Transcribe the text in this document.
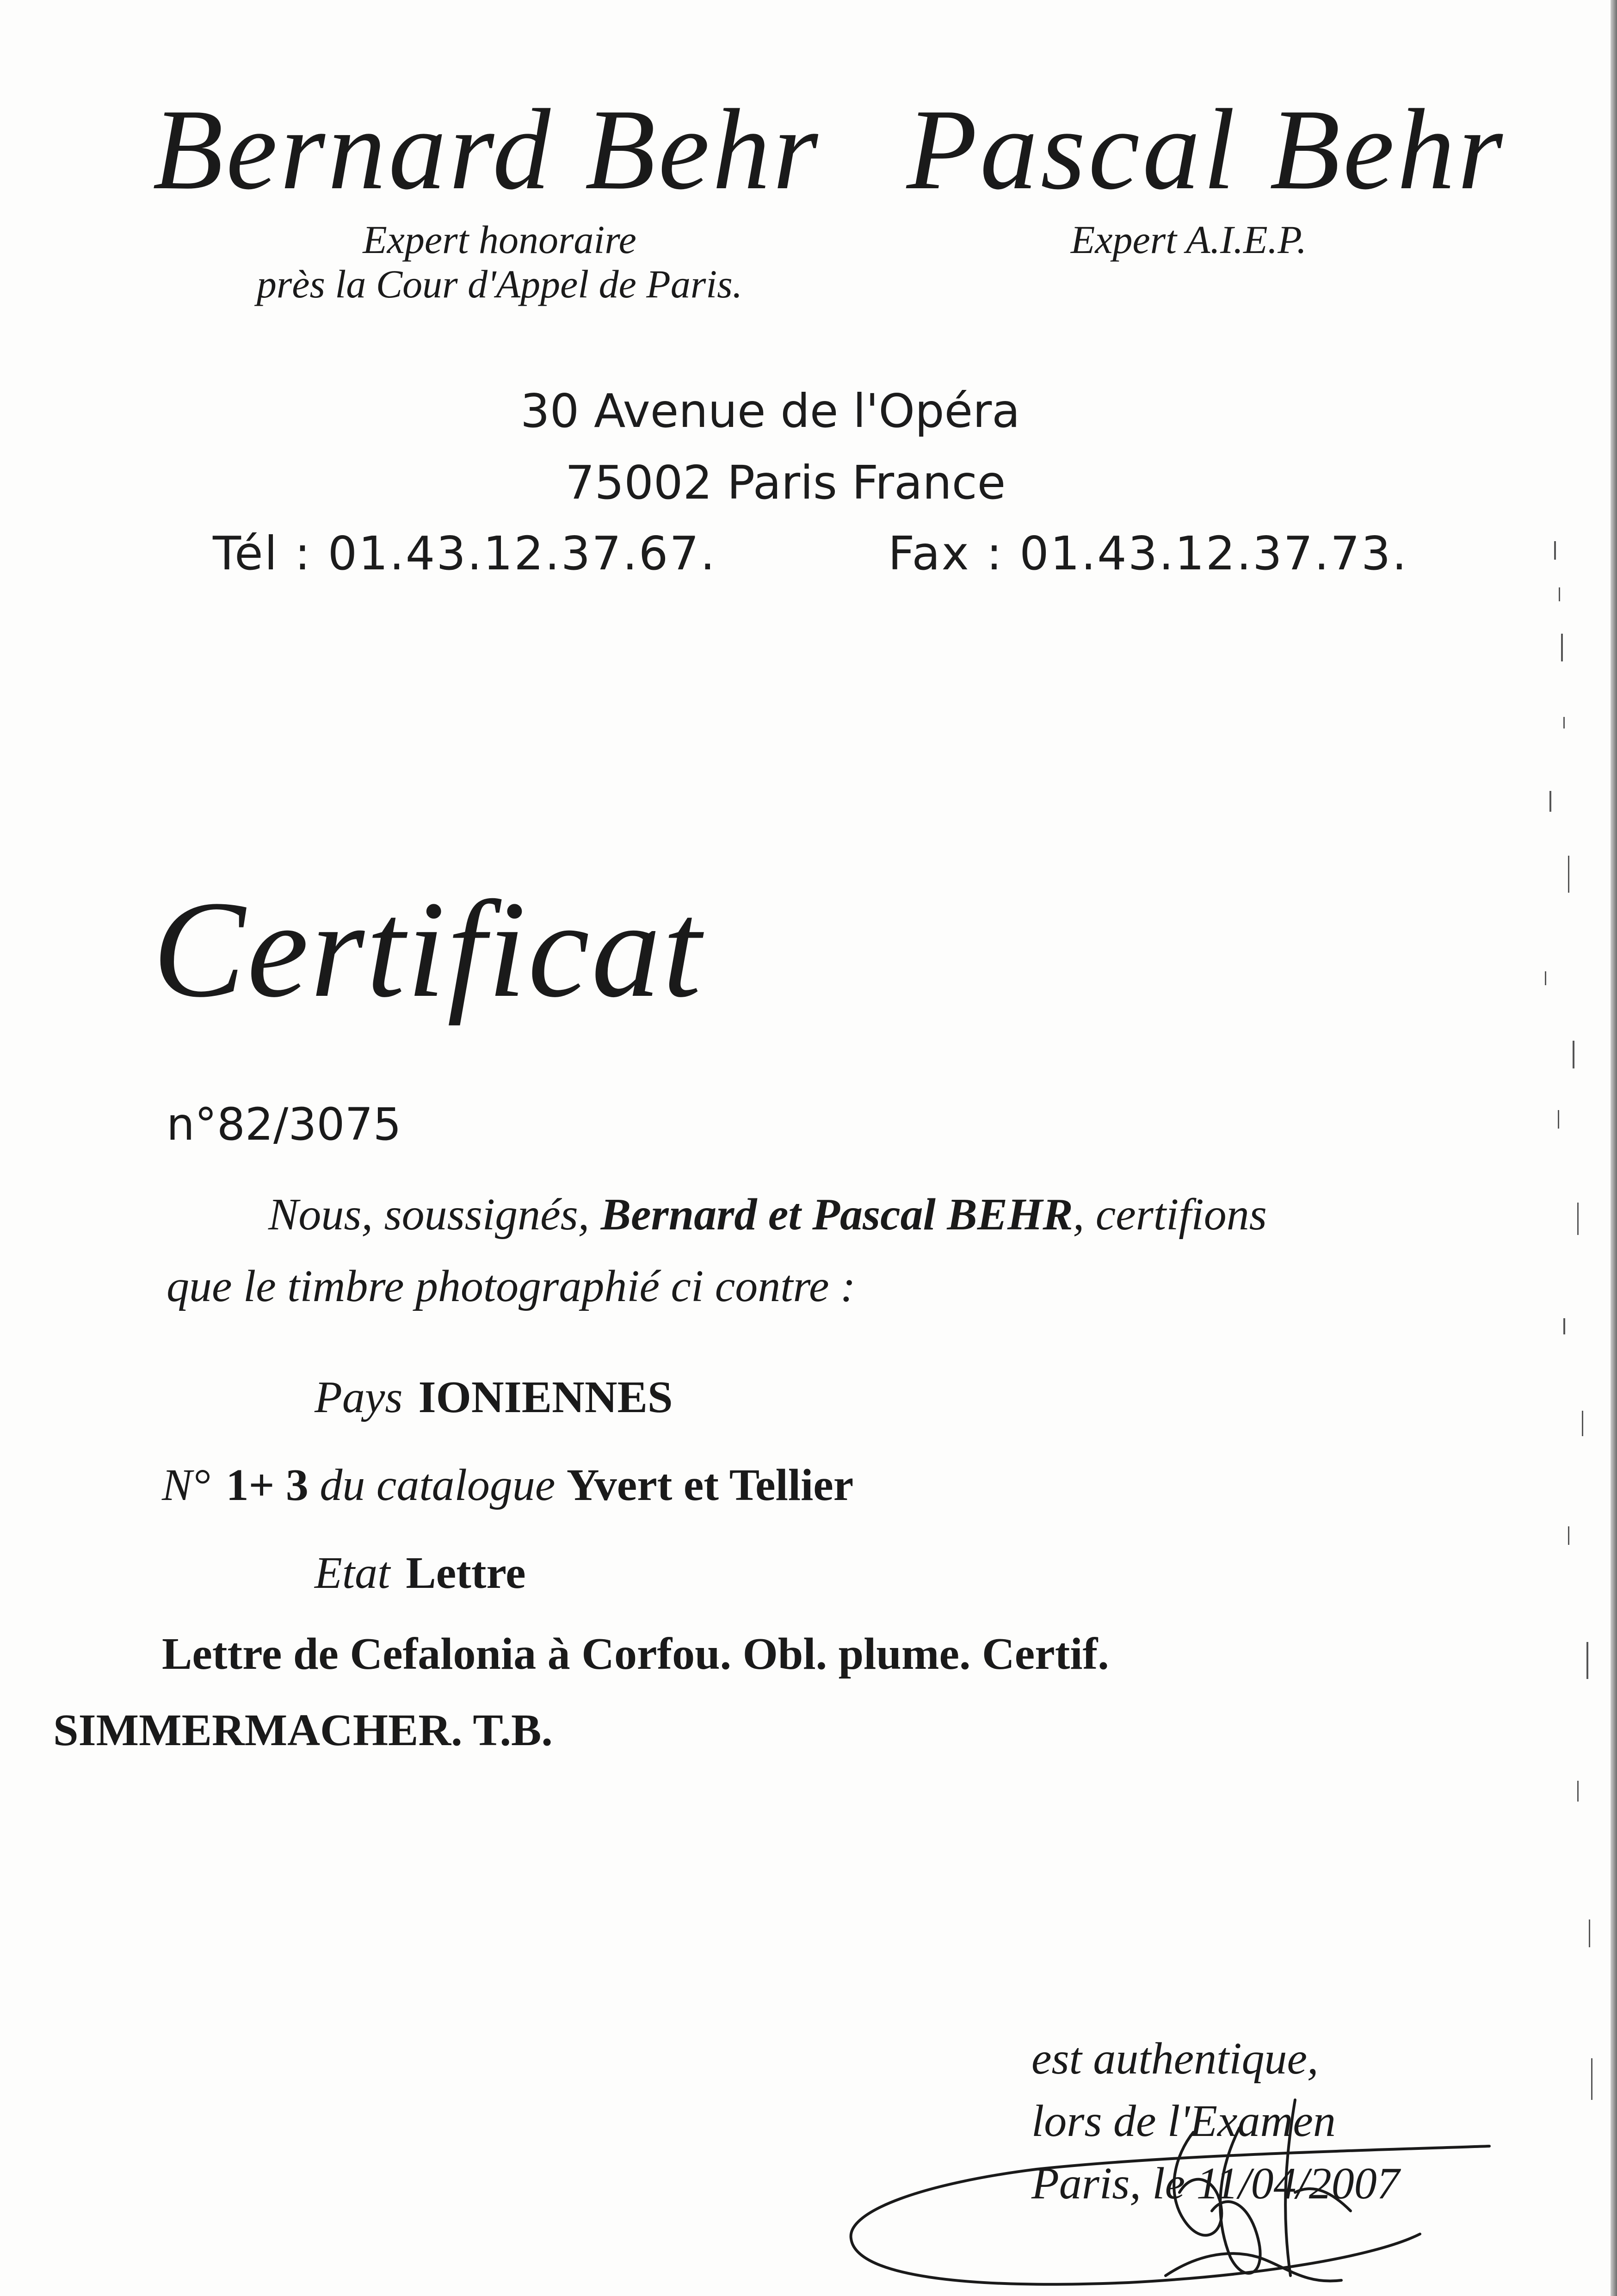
Bernard Behr Pascal Behr
Expert honoraire
près la Cour d'Appel de Paris.
Expert A.I.E.P.
30 Avenue de l'Opéra
75002 Paris France
Tél : 01.43.12.37.67.	Fax : 01.43.12.37.73.
Certificat
n°82/3075
Nous, soussignés, Bernard et Pascal BEHR, certifions
que le timbre photographié ci contre :
Pays IONIENNES
N° 1+ 3 du catalogue Yvert et Tellier
Etat Lettre
Lettre de Cefalonia à Corfou. Obl. plume. Certif.
SIMMERMACHER. T.B.
est authentique,
lors de l'Examen
Paris, le 11/04/2007
